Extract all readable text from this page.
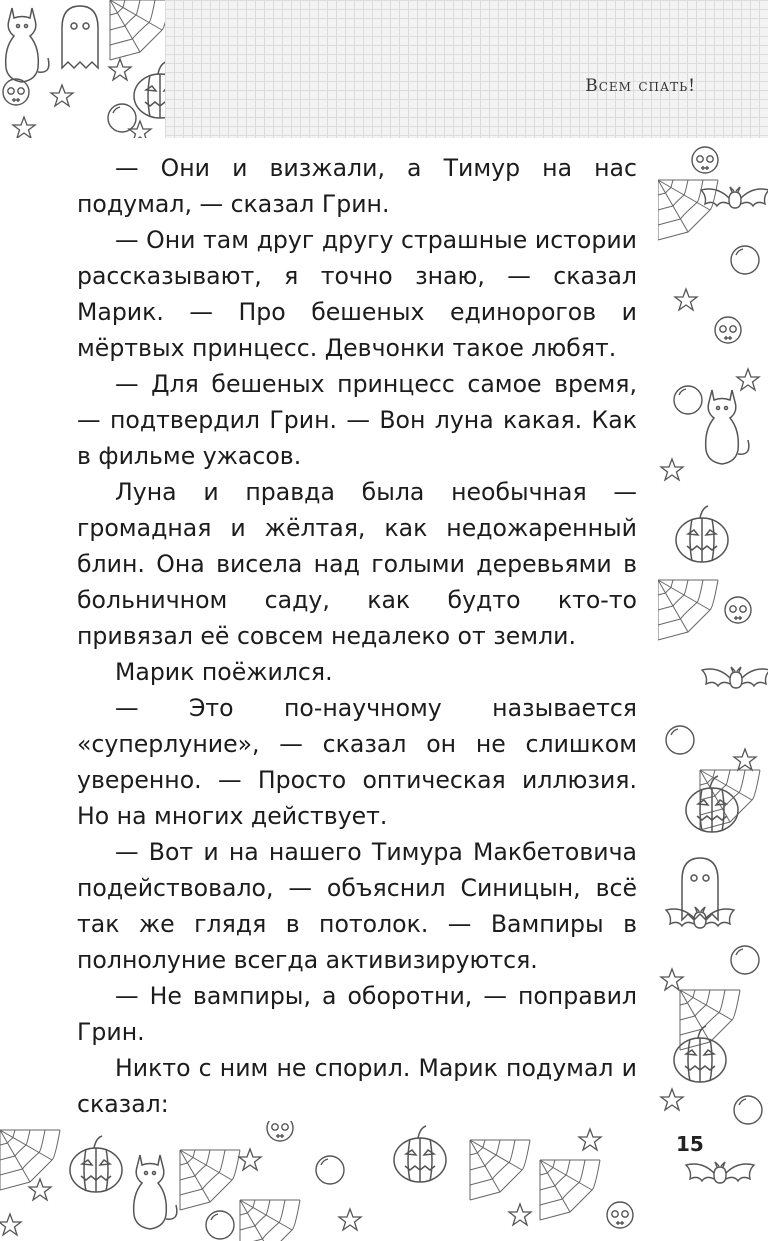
Всем спать!

— Они и визжали, а Тимур на нас подумал, — сказал Грин.

— Они там друг другу страшные истории рассказывают, я точно знаю, — сказал Марик. — Про бешеных единорогов и мёртвых принцесс. Девчонки такое любят.

— Для бешеных принцесс самое время, — подтвердил Грин. — Вон луна какая. Как в фильме ужасов.

Луна и правда была необычная — громадная и жёлтая, как недожаренный блин. Она висела над голыми деревьями в больничном саду, как будто кто-то привязал её совсем недалеко от земли.

Марик поёжился.

— Это по-научному называется «суперлуние», — сказал он не слишком уверенно. — Просто оптическая иллюзия. Но на многих действует.

— Вот и на нашего Тимура Макбетовича подействовало, — объяснил Синицын, всё так же глядя в потолок. — Вампиры в полнолуние всегда активизируются.

— Не вампиры, а оборотни, — поправил Грин.

Никто с ним не спорил. Марик подумал и сказал:

15
